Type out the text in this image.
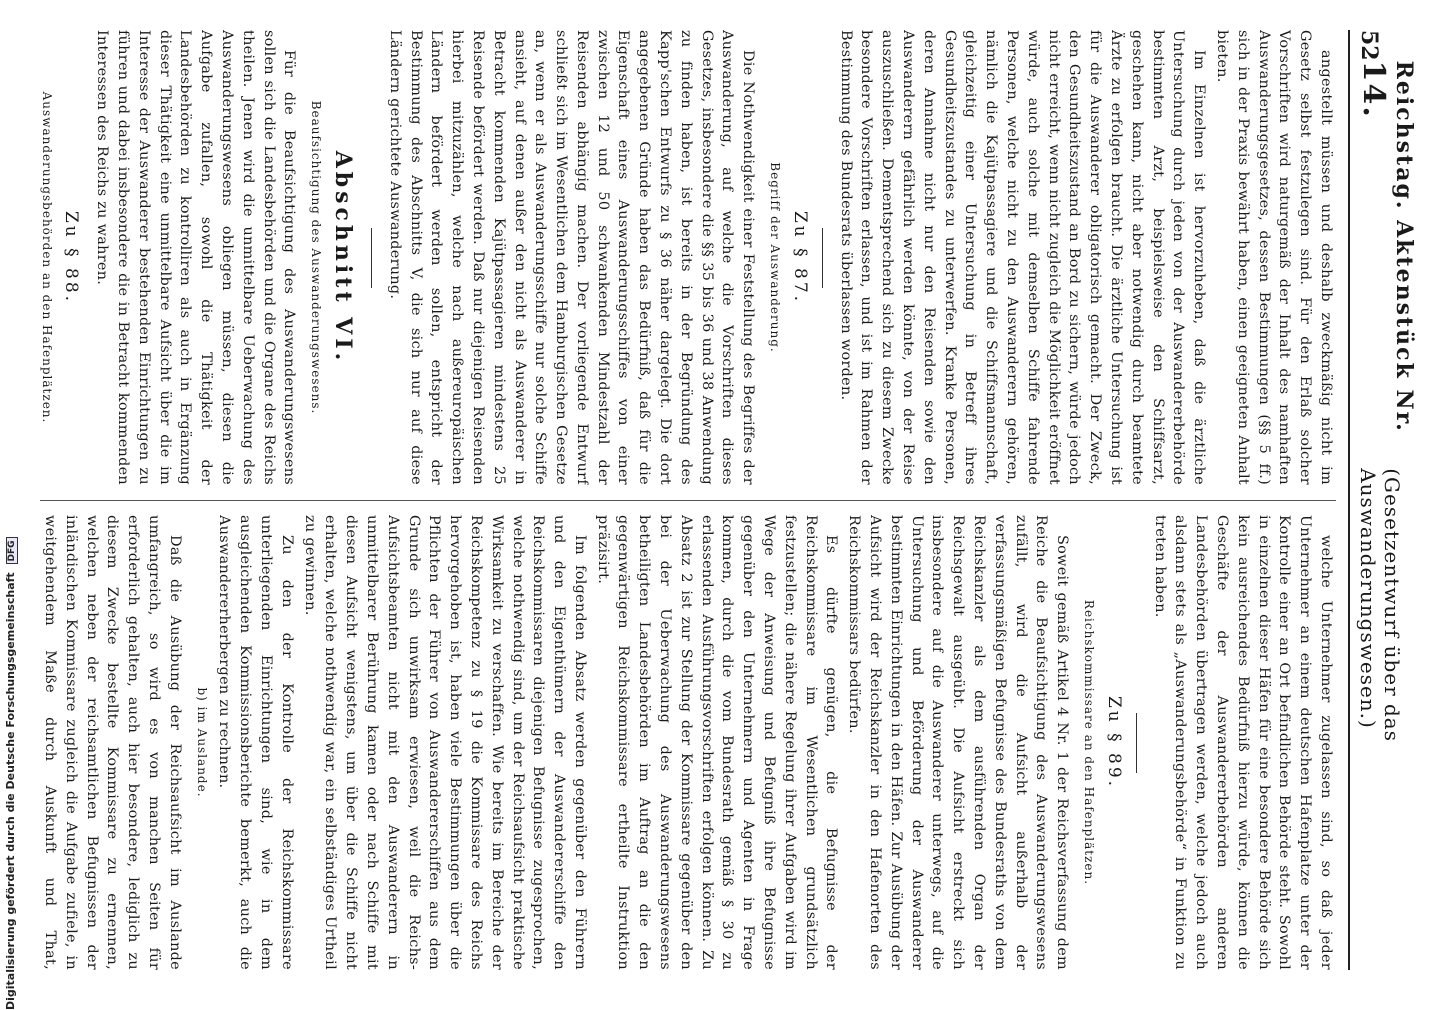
Digitalisierung gefördert durch die Deutsche Forschungsgemeinschaft DFG
52
Reichstag. Aktenstück Nr. 14.
(Gesetzentwurf über das Auswanderungswesen.)

angestellt müssen und deshalb zweckmäßig nicht im Gesetz selbst festzulegen sind. Für den Erlaß solcher Vorschriften wird naturgemäß der Inhalt des namhaften Auswanderungsgesetzes, dessen Bestimmungen (§§ 5 ff.) sich in der Praxis bewährt haben, einen geeigneten Anhalt bieten.

Im Einzelnen ist hervorzuheben, daß die ärztliche Untersuchung durch jeden von der Auswandererbehörde bestimmten Arzt, beispielsweise den Schiffsarzt, geschehen kann, nicht aber notwendig durch beamtete Ärzte zu erfolgen braucht. Die ärztliche Untersuchung ist für die Auswanderer obligatorisch gemacht. Der Zweck, den Gesundheitszustand an Bord zu sichern, würde jedoch nicht erreicht, wenn nicht zugleich die Möglichkeit eröffnet würde, auch solche mit demselben Schiffe fahrende Personen, welche nicht zu den Auswanderern gehören, nämlich die Kajütpassagiere und die Schiffsmannschaft, gleichzeitig einer Untersuchung in Betreff ihres Gesundheitszustandes zu unterwerfen. Kranke Personen, deren Annahme nicht nur den Reisenden sowie den Auswanderern gefährlich werden könnte, von der Reise auszuschließen. Dementsprechend sich zu diesem Zwecke besondere Vorschriften erlassen, und ist im Rahmen der Bestimmung des Bundesrats überlassen worden.

Zu § 87.

Begriff der Auswanderung.

Die Nothwendigkeit einer Feststellung des Begriffes der Auswanderung, auf welche die Vorschriften dieses Gesetzes, insbesondere die §§ 35 bis 36 und 38 Anwendung zu finden haben, ist bereits in der Begründung des Kapp'schen Entwurfs zu § 36 näher dargelegt. Die dort angegebenen Gründe haben das Bedürfniß, daß für die Eigenschaft eines Auswanderungsschiffes von einer zwischen 12 und 50 schwankenden Mindestzahl der Reisenden abhängig machen. Der vorliegende Entwurf schließt sich im Wesentlichen dem Hamburgischen Gesetze an, wenn er als Auswanderungsschiffe nur solche Schiffe ansieht, auf denen außer den nicht als Auswanderer in Betracht kommenden Kajütpassagieren mindestens 25 Reisende befördert werden. Daß nur diejenigen Reisenden hierbei mitzuzählen, welche nach außereuropäischen Ländern befördert werden sollen, entspricht der Bestimmung des Abschnitts V, die sich nur auf diese Ländern gerichtete Auswanderung.

Abschnitt VI.

Beaufsichtigung des Auswanderungswesens.

Für die Beaufsichtigung des Auswanderungswesens sollen sich die Landesbehörden und die Organe des Reichs theilen. Jenen wird die unmittelbare Ueberwachung des Auswanderungswesens obliegen müssen, diesen die Aufgabe zufallen, sowohl die Thätigkeit der Landesbehörden zu kontrolliren als auch in Ergänzung dieser Thätigkeit eine unmittelbare Aufsicht über die im Interesse der Auswanderer bestehenden Einrichtungen zu führen und dabei insbesondere die in Betracht kommenden Interessen des Reichs zu wahren.

Zu § 88.

Auswanderungsbehörden an den Hafenplätzen.

welche Unternehmer zugelassen sind, so daß jeder Unternehmer an einem deutschen Hafenplatze unter der Kontrolle einer an Ort befindlichen Behörde steht. Sowohl in einzelnen dieser Häfen für eine besondere Behörde sich kein ausreichendes Bedürfniß hierzu würde, können die Geschäfte der Auswandererbehörden anderen Landesbehörden übertragen werden, welche jedoch auch alsdann stets als „Auswanderungsbehörde“ in Funktion zu treten haben.

Zu § 89.

Reichskommissare an den Hafenplätzen.

Soweit gemäß Artikel 4 Nr. 1 der Reichsverfassung dem Reiche die Beaufsichtigung des Auswanderungswesens zufällt, wird die Aufsicht außerhalb der verfassungsmäßigen Befugnisse des Bundesraths von dem Reichskanzler als dem ausführenden Organ der Reichsgewalt ausgeübt. Die Aufsicht erstreckt sich insbesondere auf die Auswanderer unterwegs, auf die Untersuchung und Beförderung der Auswanderer bestimmten Einrichtungen in den Häfen. Zur Ausübung der Aufsicht wird der Reichskanzler in den Hafenorten des Reichskommissars bedürfen.

Es dürfte genügen, die Befugnisse der Reichskommissare im Wesentlichen grundsätzlich festzustellen; die nähere Regelung ihrer Aufgaben wird im Wege der Anweisung und Befugniß ihre Befugnisse gegenüber den Unternehmern und Agenten in Frage kommen, durch die vom Bundesrath gemäß § 30 zu erlassenden Ausführungsvorschriften erfolgen können. Zu Absatz 2 ist zur Stellung der Kommissare gegenüber den bei der Ueberwachung des Auswanderungswesens betheiligten Landesbehörden im Auftrag an die den gegenwärtigen Reichskommissare ertheilte Instruktion präzisirt.

Im folgenden Absatz werden gegenüber den Führern und den Eigenthümern der Auswandererschiffe den Reichskommissaren diejenigen Befugnisse zugesprochen, welche nothwendig sind, um der Reichsaufsicht praktische Wirksamkeit zu verschaffen. Wie bereits im Bereiche der Reichskompetenz zu § 19 die Kommissare des Reichs hervorgehoben ist, haben viele Bestimmungen über die Pflichten der Führer von Auswandererschiffen aus dem Grunde sich unwirksam erwiesen, weil die Reichs-Aufsichtsbeamten nicht mit den Auswanderern in unmittelbarer Berührung kamen oder nach Schiffe mit diesen Aufsicht wenigstens, um über die Schiffe nicht erhalten, welche nothwendig war, ein selbständiges Urtheil zu gewinnen.

Zu den der Kontrolle der Reichskommissare unterliegenden Einrichtungen sind, wie in dem ausgleichenden Kommissionsberichte bemerkt, auch die Auswandererherbergen zu rechnen.

b) im Auslande.

Daß die Ausübung der Reichsaufsicht im Auslande umfangreich, so wird es von manchen Seiten für erforderlich gehalten, auch hier besondere, lediglich zu diesem Zwecke bestellte Kommissare zu ernennen, welchen neben der reichsamtlichen Befugnissen der inländischen Kommissare zugleich die Aufgabe zufiele, in weitgehendem Maße durch Auskunft und That,
